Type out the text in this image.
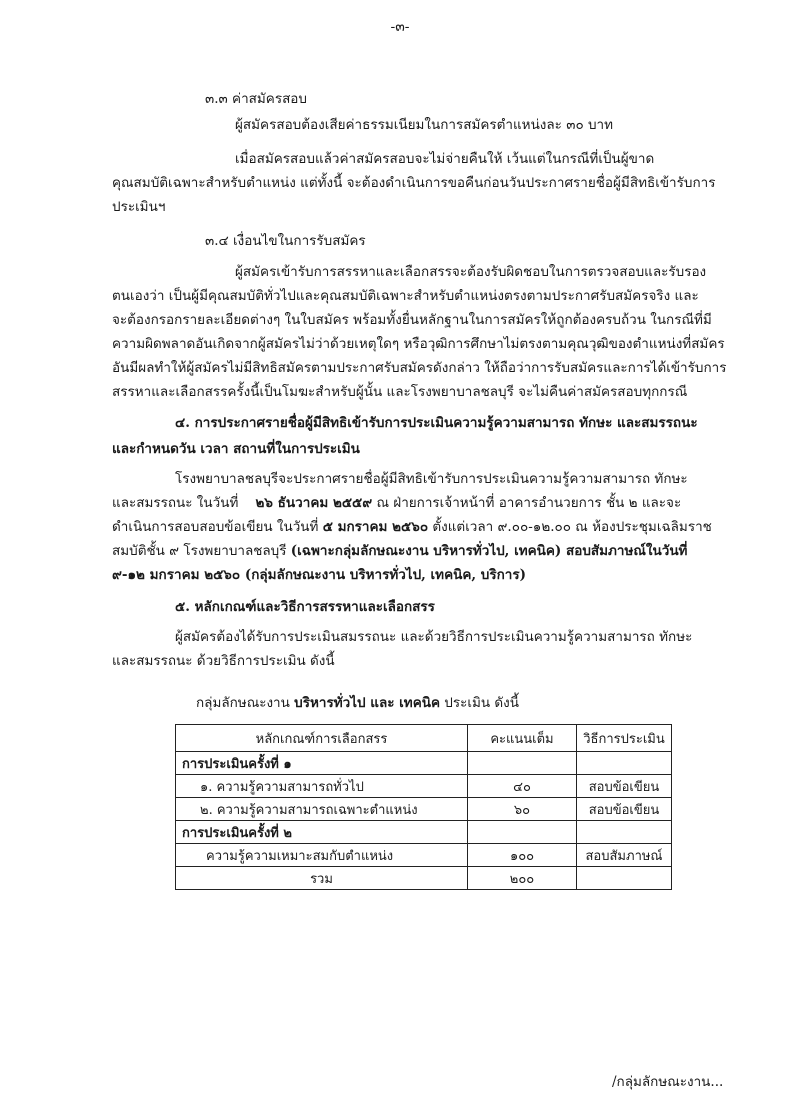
-๓-
๓.๓ ค่าสมัครสอบ
ผู้สมัครสอบต้องเสียค่าธรรมเนียมในการสมัครตำแหน่งละ ๓๐ บาท
เมื่อสมัครสอบแล้วค่าสมัครสอบจะไม่จ่ายคืนให้ เว้นแต่ในกรณีที่เป็นผู้ขาด
คุณสมบัติเฉพาะสำหรับตำแหน่ง แต่ทั้งนี้ จะต้องดำเนินการขอคืนก่อนวันประกาศรายชื่อผู้มีสิทธิเข้ารับการ
ประเมินฯ
๓.๔ เงื่อนไขในการรับสมัคร
ผู้สมัครเข้ารับการสรรหาและเลือกสรรจะต้องรับผิดชอบในการตรวจสอบและรับรอง
ตนเองว่า เป็นผู้มีคุณสมบัติทั่วไปและคุณสมบัติเฉพาะสำหรับตำแหน่งตรงตามประกาศรับสมัครจริง และ
จะต้องกรอกรายละเอียดต่างๆ ในใบสมัคร พร้อมทั้งยื่นหลักฐานในการสมัครให้ถูกต้องครบถ้วน ในกรณีที่มี
ความผิดพลาดอันเกิดจากผู้สมัครไม่ว่าด้วยเหตุใดๆ หรือวุฒิการศึกษาไม่ตรงตามคุณวุฒิของตำแหน่งที่สมัคร
อันมีผลทำให้ผู้สมัครไม่มีสิทธิสมัครตามประกาศรับสมัครดังกล่าว ให้ถือว่าการรับสมัครและการได้เข้ารับการ
สรรหาและเลือกสรรครั้งนี้เป็นโมฆะสำหรับผู้นั้น และโรงพยาบาลชลบุรี จะไม่คืนค่าสมัครสอบทุกกรณี
๔. การประกาศรายชื่อผู้มีสิทธิเข้ารับการประเมินความรู้ความสามารถ ทักษะ และสมรรถนะ
และกำหนดวัน เวลา สถานที่ในการประเมิน
โรงพยาบาลชลบุรีจะประกาศรายชื่อผู้มีสิทธิเข้ารับการประเมินความรู้ความสามารถ ทักษะ
และสมรรถนะ ในวันที่ ๒๖ ธันวาคม ๒๕๕๙ ณ ฝ่ายการเจ้าหน้าที่ อาคารอำนวยการ ชั้น ๒ และจะ
ดำเนินการสอบสอบข้อเขียน ในวันที่ ๕ มกราคม ๒๕๖๐ ตั้งแต่เวลา ๙.๐๐-๑๒.๐๐ ณ ห้องประชุมเฉลิมราช
สมบัติชั้น ๙ โรงพยาบาลชลบุรี (เฉพาะกลุ่มลักษณะงาน บริหารทั่วไป, เทคนิค) สอบสัมภาษณ์ในวันที่
๙-๑๒ มกราคม ๒๕๖๐ (กลุ่มลักษณะงาน บริหารทั่วไป, เทคนิค, บริการ)
๕. หลักเกณฑ์และวิธีการสรรหาและเลือกสรร
ผู้สมัครต้องได้รับการประเมินสมรรถนะ และด้วยวิธีการประเมินความรู้ความสามารถ ทักษะ
และสมรรถนะ ด้วยวิธีการประเมิน ดังนี้
กลุ่มลักษณะงาน บริหารทั่วไป และ เทคนิค ประเมิน ดังนี้
หลักเกณฑ์การเลือกสรร	คะแนนเต็ม	วิธีการประเมิน
การประเมินครั้งที่ ๑		
๑. ความรู้ความสามารถทั่วไป	๔๐	สอบข้อเขียน
๒. ความรู้ความสามารถเฉพาะตำแหน่ง	๖๐	สอบข้อเขียน
การประเมินครั้งที่ ๒		
ความรู้ความเหมาะสมกับตำแหน่ง	๑๐๐	สอบสัมภาษณ์
รวม	๒๐๐	
/กลุ่มลักษณะงาน...
